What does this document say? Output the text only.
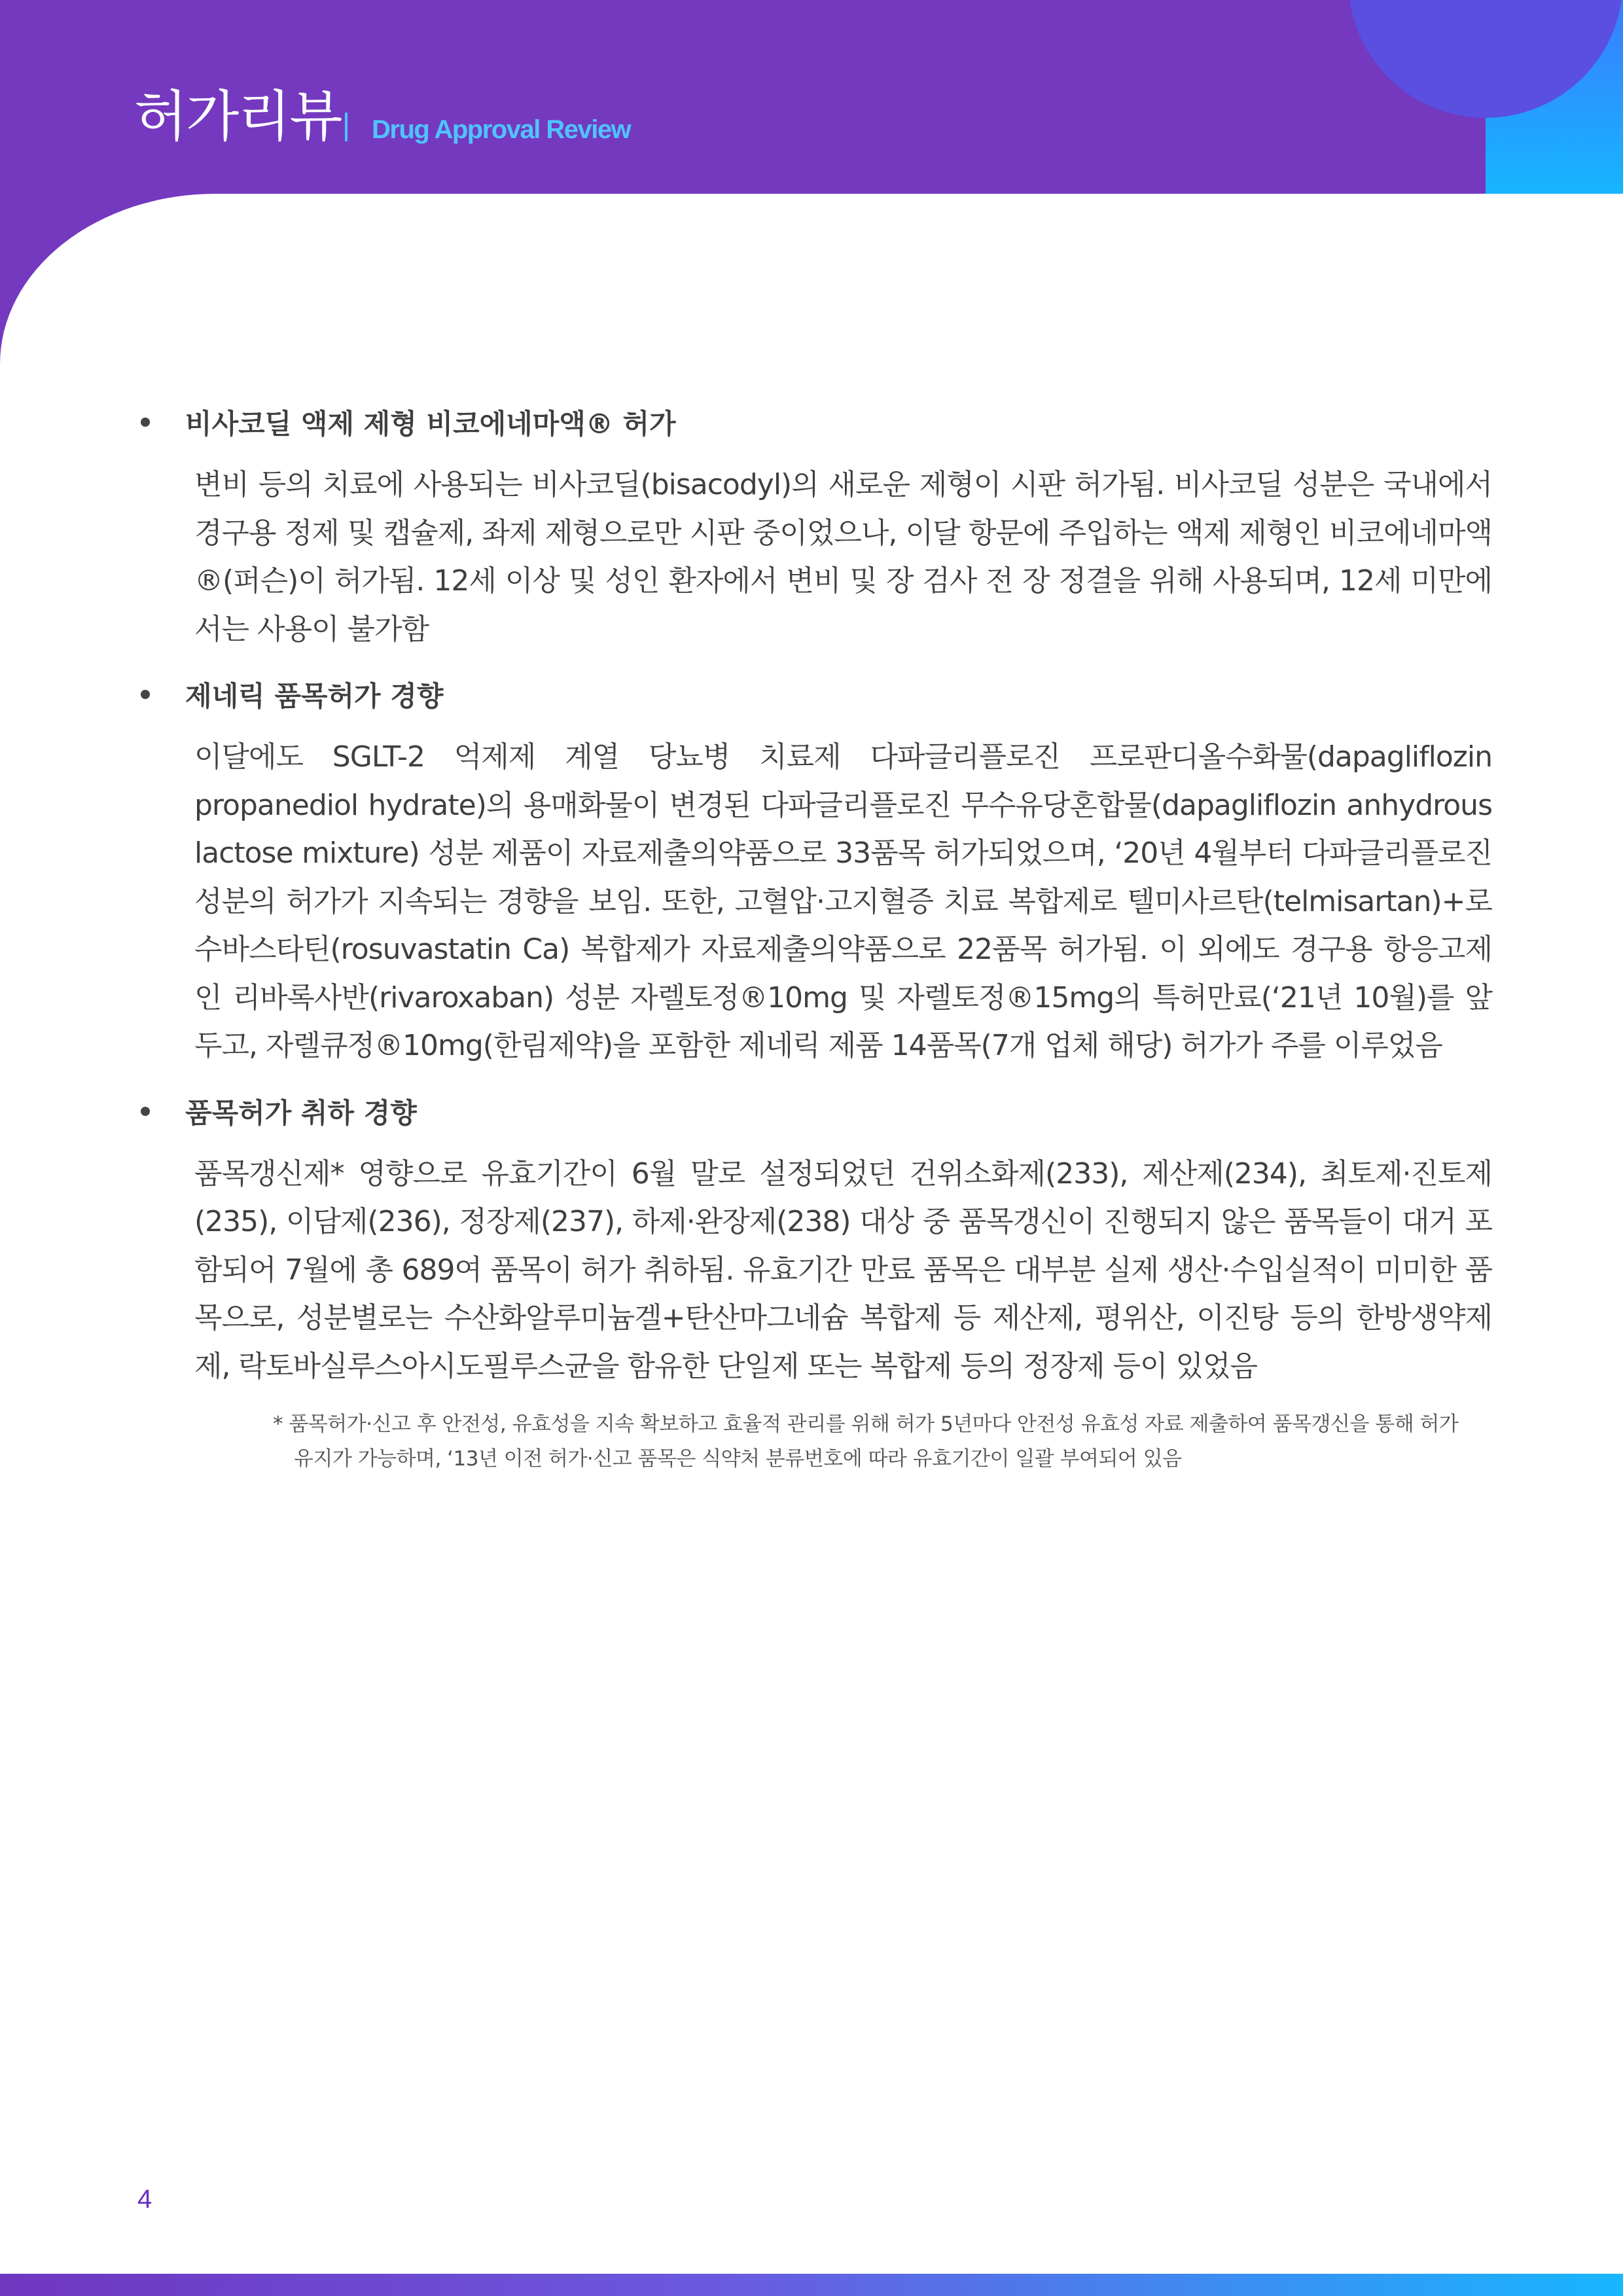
허가리뷰 Drug Approval Review
비사코딜 액제 제형 비코에네마액® 허가

변비 등의 치료에 사용되는 비사코딜(bisacodyl)의 새로운 제형이 시판 허가됨. 비사코딜 성분은 국내에서 경구용 정제 및 캡슐제, 좌제 제형으로만 시판 중이었으나, 이달 항문에 주입하는 액제 제형인 비코에네마액®(퍼슨)이 허가됨. 12세 이상 및 성인 환자에서 변비 및 장 검사 전 장 정결을 위해 사용되며, 12세 미만에서는 사용이 불가함

제네릭 품목허가 경향

이달에도 SGLT-2 억제제 계열 당뇨병 치료제 다파글리플로진 프로판디올수화물(dapagliflozin propanediol hydrate)의 용매화물이 변경된 다파글리플로진 무수유당혼합물(dapagliflozin anhydrous lactose mixture) 성분 제품이 자료제출의약품으로 33품목 허가되었으며, ‘20년 4월부터 다파글리플로진 성분의 허가가 지속되는 경향을 보임. 또한, 고혈압·고지혈증 치료 복합제로 텔미사르탄(telmisartan)+로수바스타틴(rosuvastatin Ca) 복합제가 자료제출의약품으로 22품목 허가됨. 이 외에도 경구용 항응고제인 리바록사반(rivaroxaban) 성분 자렐토정®10mg 및 자렐토정®15mg의 특허만료(‘21년 10월)를 앞두고, 자렐큐정®10mg(한림제약)을 포함한 제네릭 제품 14품목(7개 업체 해당) 허가가 주를 이루었음

품목허가 취하 경향

품목갱신제* 영향으로 유효기간이 6월 말로 설정되었던 건위소화제(233), 제산제(234), 최토제·진토제(235), 이담제(236), 정장제(237), 하제·완장제(238) 대상 중 품목갱신이 진행되지 않은 품목들이 대거 포함되어 7월에 총 689여 품목이 허가 취하됨. 유효기간 만료 품목은 대부분 실제 생산·수입실적이 미미한 품목으로, 성분별로는 수산화알루미늄겔+탄산마그네슘 복합제 등 제산제, 평위산, 이진탕 등의 한방생약제제, 락토바실루스아시도필루스균을 함유한 단일제 또는 복합제 등의 정장제 등이 있었음

* 품목허가·신고 후 안전성, 유효성을 지속 확보하고 효율적 관리를 위해 허가 5년마다 안전성 유효성 자료 제출하여 품목갱신을 통해 허가 유지가 가능하며, ‘13년 이전 허가·신고 품목은 식약처 분류번호에 따라 유효기간이 일괄 부여되어 있음

4
